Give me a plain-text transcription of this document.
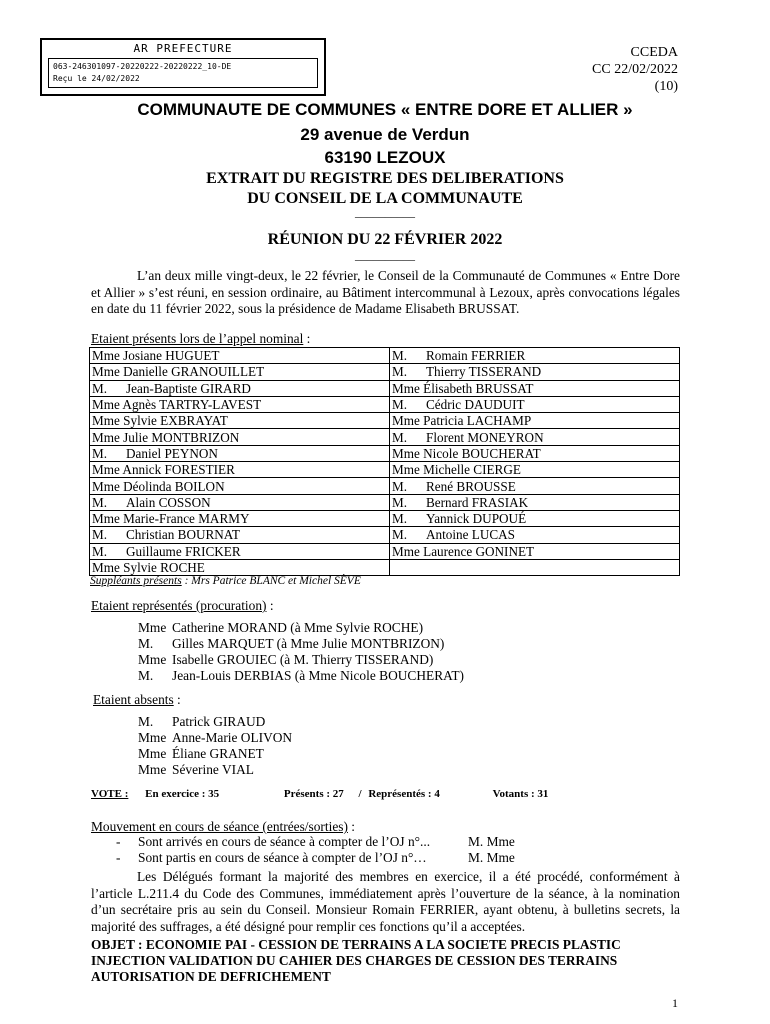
AR PREFECTURE
063-246301097-20220222-20220222_10-DE
Reçu le 24/02/2022
CCEDA
CC 22/02/2022
(10)
COMMUNAUTE DE COMMUNES « ENTRE DORE ET ALLIER »
29 avenue de Verdun
63190 LEZOUX
EXTRAIT DU REGISTRE DES DELIBERATIONS
DU CONSEIL DE LA COMMUNAUTE
__________
RÉUNION DU 22 FÉVRIER 2022
__________
L’an deux mille vingt-deux, le 22 février, le Conseil de la Communauté de Communes « Entre Dore et Allier » s’est réuni, en session ordinaire, au Bâtiment intercommunal à Lezoux, après convocations légales en date du 11 février 2022, sous la présidence de Madame Elisabeth BRUSSAT.
Etaient présents lors de l’appel nominal :
Mme Josiane HUGUET	M. Romain FERRIER
Mme Danielle GRANOUILLET	M. Thierry TISSERAND
M. Jean-Baptiste GIRARD	Mme Élisabeth BRUSSAT
Mme Agnès TARTRY-LAVEST	M. Cédric DAUDUIT
Mme Sylvie EXBRAYAT	Mme Patricia LACHAMP
Mme Julie MONTBRIZON	M. Florent MONEYRON
M. Daniel PEYNON	Mme Nicole BOUCHERAT
Mme Annick FORESTIER	Mme Michelle CIERGE
Mme Déolinda BOILON	M. René BROUSSE
M. Alain COSSON	M. Bernard FRASIAK
Mme Marie-France MARMY	M. Yannick DUPOUÉ
M. Christian BOURNAT	M. Antoine LUCAS
M. Guillaume FRICKER	Mme Laurence GONINET
Mme Sylvie ROCHE	
Suppléants présents : Mrs Patrice BLANC et Michel SÈVE
Etaient représentés (procuration) :
Mme Catherine MORAND (à Mme Sylvie ROCHE)
M. Gilles MARQUET (à Mme Julie MONTBRIZON)
Mme Isabelle GROUIEC (à M. Thierry TISSERAND)
M. Jean-Louis DERBIAS (à Mme Nicole BOUCHERAT)
Etaient absents :
M. Patrick GIRAUD
Mme Anne-Marie OLIVON
Mme Éliane GRANET
Mme Séverine VIAL
VOTE : En exercice : 35	Présents : 27 / Représentés : 4	Votants : 31
Mouvement en cours de séance (entrées/sorties) :
- Sont arrivés en cours de séance à compter de l’OJ n°...	M. Mme
- Sont partis en cours de séance à compter de l’OJ n°…	M. Mme
Les Délégués formant la majorité des membres en exercice, il a été procédé, conformément à l’article L.211.4 du Code des Communes, immédiatement après l’ouverture de la séance, à la nomination d’un secrétaire pris au sein du Conseil. Monsieur Romain FERRIER, ayant obtenu, à bulletins secrets, la majorité des suffrages, a été désigné pour remplir ces fonctions qu’il a acceptées.
OBJET : ECONOMIE PAI - CESSION DE TERRAINS A LA SOCIETE PRECIS PLASTIC INJECTION VALIDATION DU CAHIER DES CHARGES DE CESSION DES TERRAINS AUTORISATION DE DEFRICHEMENT
1
